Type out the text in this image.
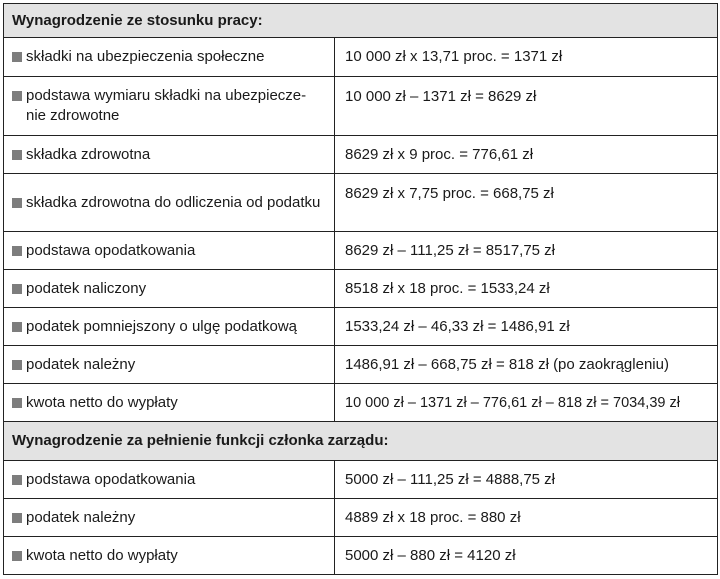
Wynagrodzenie ze stosunku pracy:	

składki na ubezpieczenia społeczne	10 000 zł x 13,71 proc. = 1371 zł

podstawa wymiaru składki na ubezpiecze-nie zdrowotne	10 000 zł – 1371 zł = 8629 zł

składka zdrowotna	8629 zł x 9 proc. = 776,61 zł

składka zdrowotna do odliczenia od podatku	8629 zł x 7,75 proc. = 668,75 zł

podstawa opodatkowania	8629 zł – 111,25 zł = 8517,75 zł

podatek naliczony	8518 zł x 18 proc. = 1533,24 zł

podatek pomniejszony o ulgę podatkową	1533,24 zł – 46,33 zł = 1486,91 zł

podatek należny	1486,91 zł – 668,75 zł = 818 zł (po zaokrągleniu)

kwota netto do wypłaty	10 000 zł – 1371 zł – 776,61 zł – 818 zł = 7034,39 zł
Wynagrodzenie za pełnienie funkcji członka zarządu:	

podstawa opodatkowania	5000 zł – 111,25 zł = 4888,75 zł

podatek należny	4889 zł x 18 proc. = 880 zł

kwota netto do wypłaty	5000 zł – 880 zł = 4120 zł
